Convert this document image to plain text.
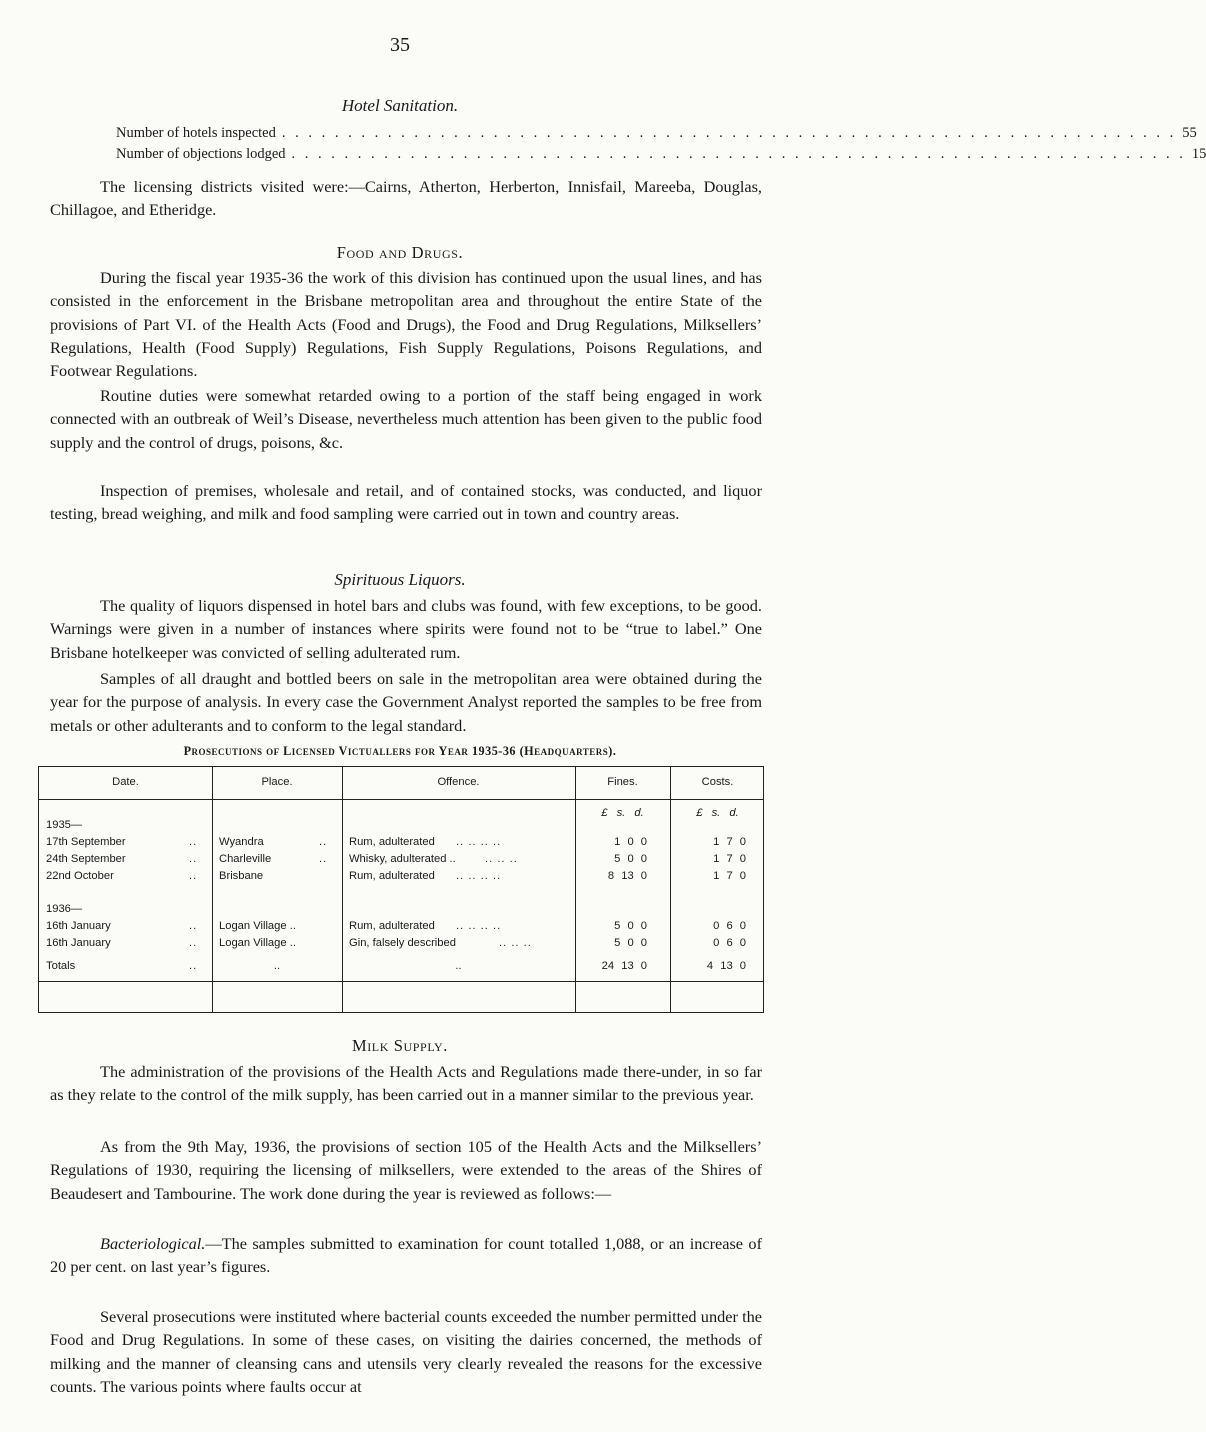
35
Hotel Sanitation.
Number of hotels inspected . . . . . . . . . . . . . . . . . . . . . . . . . . . . . . . . . . . . . . . . . . . . . . . . . . . . . . . . . . . . . . . . . . . . 55
Number of objections lodged . . . . . . . . . . . . . . . . . . . . . . . . . . . . . . . . . . . . . . . . . . . . . . . . . . . . . . . . . . . . . . . . . . . . 15

The licensing districts visited were:—Cairns, Atherton, Herberton, Innisfail, Mareeba, Douglas, Chillagoe, and Etheridge.

Food and Drugs.

During the fiscal year 1935-36 the work of this division has continued upon the usual lines, and has consisted in the enforcement in the Brisbane metropolitan area and throughout the entire State of the provisions of Part VI. of the Health Acts (Food and Drugs), the Food and Drug Regulations, Milksellers’ Regulations, Health (Food Supply) Regulations, Fish Supply Regulations, Poisons Regulations, and Footwear Regulations.

Routine duties were somewhat retarded owing to a portion of the staff being engaged in work connected with an outbreak of Weil’s Disease, nevertheless much attention has been given to the public food supply and the control of drugs, poisons, &c.

Inspection of premises, wholesale and retail, and of contained stocks, was conducted, and liquor testing, bread weighing, and milk and food sampling were carried out in town and country areas.

Spirituous Liquors.

The quality of liquors dispensed in hotel bars and clubs was found, with few exceptions, to be good. Warnings were given in a number of instances where spirits were found not to be “true to label.” One Brisbane hotelkeeper was convicted of selling adulterated rum.

Samples of all draught and bottled beers on sale in the metropolitan area were obtained during the year for the purpose of analysis. In every case the Government Analyst reported the samples to be free from metals or other adulterants and to conform to the legal standard.

Prosecutions of Licensed Victuallers for Year 1935-36 (Headquarters).
Date.	Place.	Offence.	Fines.	Costs.
£ s. d.	£ s. d.
1935—
17th September	.. Wyandra	.. Rum, adulterated .. .. .. ..	1 0 0	1 7 0
24th September	.. Charleville	.. Whisky, adulterated ..	.. .. ..	5 0 0	1 7 0
22nd October	.. Brisbane	Rum, adulterated .. .. .. ..	8 13 0	1 7 0
1936—
16th January	.. Logan Village ..	Rum, adulterated .. .. .. ..	5 0 0	0 6 0
16th January	.. Logan Village ..	Gin, falsely described	.. .. ..	5 0 0	0 6 0
Totals	..	..	..	24 13 0	4 13 0
Milk Supply.

The administration of the provisions of the Health Acts and Regulations made there-under, in so far as they relate to the control of the milk supply, has been carried out in a manner similar to the previous year.

As from the 9th May, 1936, the provisions of section 105 of the Health Acts and the Milksellers’ Regulations of 1930, requiring the licensing of milksellers, were extended to the areas of the Shires of Beaudesert and Tambourine. The work done during the year is reviewed as follows:—

Bacteriological.—The samples submitted to examination for count totalled 1,088, or an increase of 20 per cent. on last year’s figures.

Several prosecutions were instituted where bacterial counts exceeded the number permitted under the Food and Drug Regulations. In some of these cases, on visiting the dairies concerned, the methods of milking and the manner of cleansing cans and utensils very clearly revealed the reasons for the excessive counts. The various points where faults occur at
